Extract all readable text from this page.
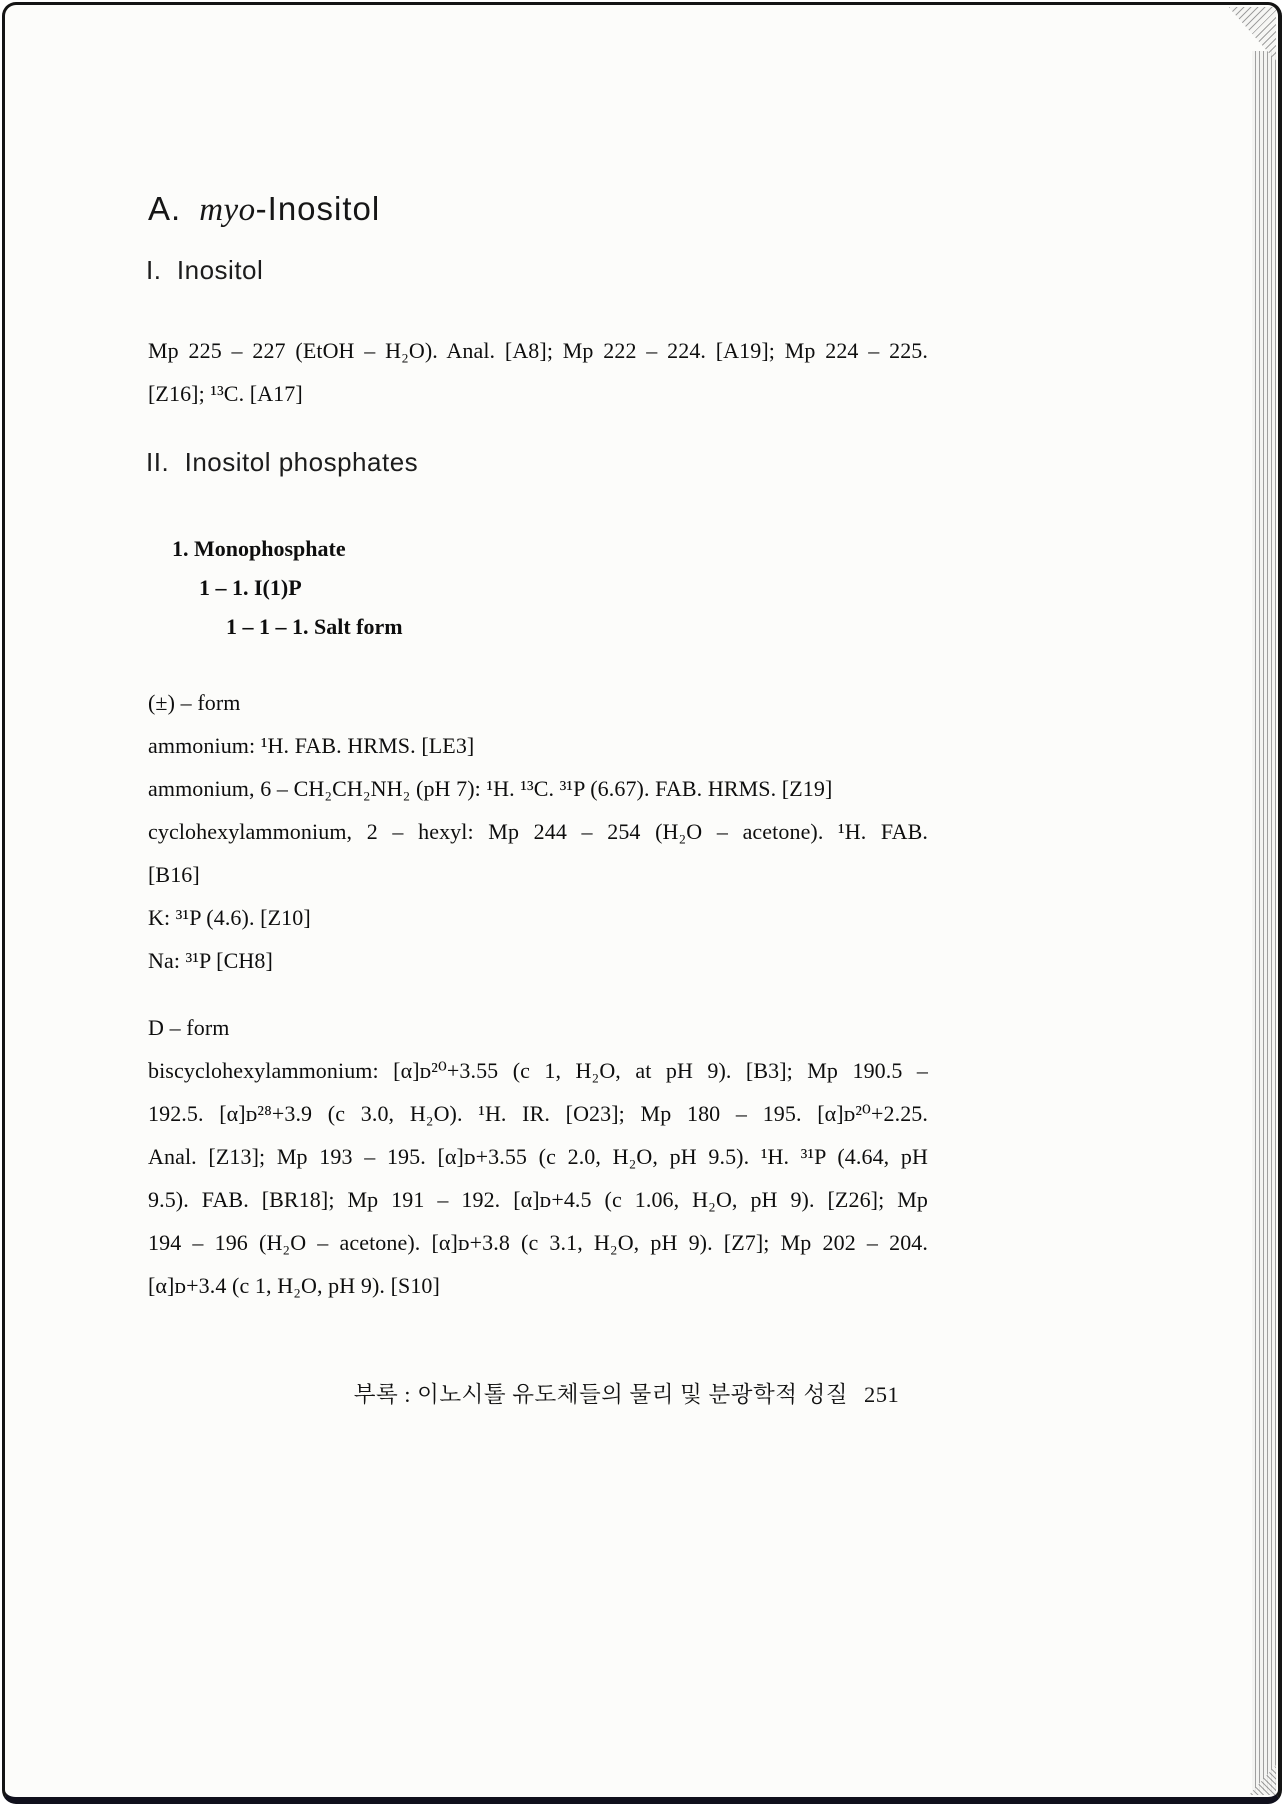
A. myo-Inositol
I.  Inositol
Mp 225 – 227 (EtOH – H₂O). Anal. [A8]; Mp 222 – 224. [A19]; Mp 224 – 225.
[Z16]; ¹³C. [A17]
II.  Inositol phosphates
1. Monophosphate
1 – 1. I(1)P
1 – 1 – 1. Salt form
(±) – form
ammonium: ¹H. FAB. HRMS. [LE3]
ammonium, 6 – CH₂CH₂NH₂ (pH 7): ¹H. ¹³C. ³¹P (6.67). FAB. HRMS. [Z19]
cyclohexylammonium, 2 – hexyl: Mp 244 – 254 (H₂O – acetone). ¹H. FAB.
[B16]
K: ³¹P (4.6). [Z10]
Na: ³¹P [CH8]
D – form
biscyclohexylammonium: [α]ᴅ²⁰+3.55 (c 1, H₂O, at pH 9). [B3]; Mp 190.5 –
192.5. [α]ᴅ²⁸+3.9 (c 3.0, H₂O). ¹H. IR. [O23]; Mp 180 – 195. [α]ᴅ²⁰+2.25.
Anal. [Z13]; Mp 193 – 195. [α]ᴅ+3.55 (c 2.0, H₂O, pH 9.5). ¹H. ³¹P (4.64, pH
9.5). FAB. [BR18]; Mp 191 – 192. [α]ᴅ+4.5 (c 1.06, H₂O, pH 9). [Z26]; Mp
194 – 196 (H₂O – acetone). [α]ᴅ+3.8 (c 3.1, H₂O, pH 9). [Z7]; Mp 202 – 204.
[α]ᴅ+3.4 (c 1, H₂O, pH 9). [S10]
부록 : 이노시톨 유도체들의 물리 및 분광학적 성질 251
